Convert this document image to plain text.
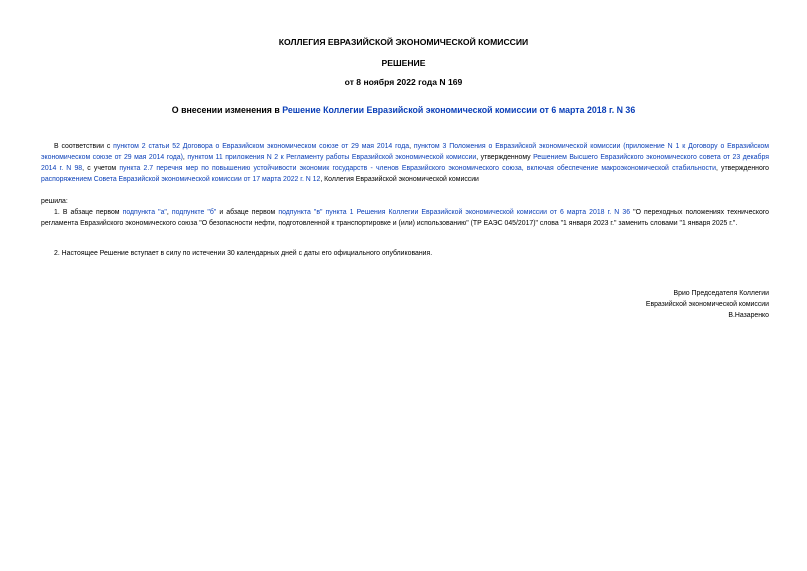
КОЛЛЕГИЯ ЕВРАЗИЙСКОЙ ЭКОНОМИЧЕСКОЙ КОМИССИИ
РЕШЕНИЕ
от 8 ноября 2022 года N 169
О внесении изменения в Решение Коллегии Евразийской экономической комиссии от 6 марта 2018 г. N 36
В соответствии с пунктом 2 статьи 52 Договора о Евразийском экономическом союзе от 29 мая 2014 года, пунктом 3 Положения о Евразийской экономической комиссии (приложение N 1 к Договору о Евразийском экономическом союзе от 29 мая 2014 года), пунктом 11 приложения N 2 к Регламенту работы Евразийской экономической комиссии, утвержденному Решением Высшего Евразийского экономического совета от 23 декабря 2014 г. N 98, с учетом пункта 2.7 перечня мер по повышению устойчивости экономик государств - членов Евразийского экономического союза, включая обеспечение макроэкономической стабильности, утвержденного распоряжением Совета Евразийской экономической комиссии от 17 марта 2022 г. N 12, Коллегия Евразийской экономической комиссии
решила:
1. В абзаце первом подпункта "а", подпункте "б" и абзаце первом подпункта "в" пункта 1 Решения Коллегии Евразийской экономической комиссии от 6 марта 2018 г. N 36 "О переходных положениях технического регламента Евразийского экономического союза "О безопасности нефти, подготовленной к транспортировке и (или) использованию" (ТР ЕАЭС 045/2017)" слова "1 января 2023 г." заменить словами "1 января 2025 г.".
2. Настоящее Решение вступает в силу по истечении 30 календарных дней с даты его официального опубликования.
Врио Председателя Коллегии
Евразийской экономической комиссии
В.Назаренко
